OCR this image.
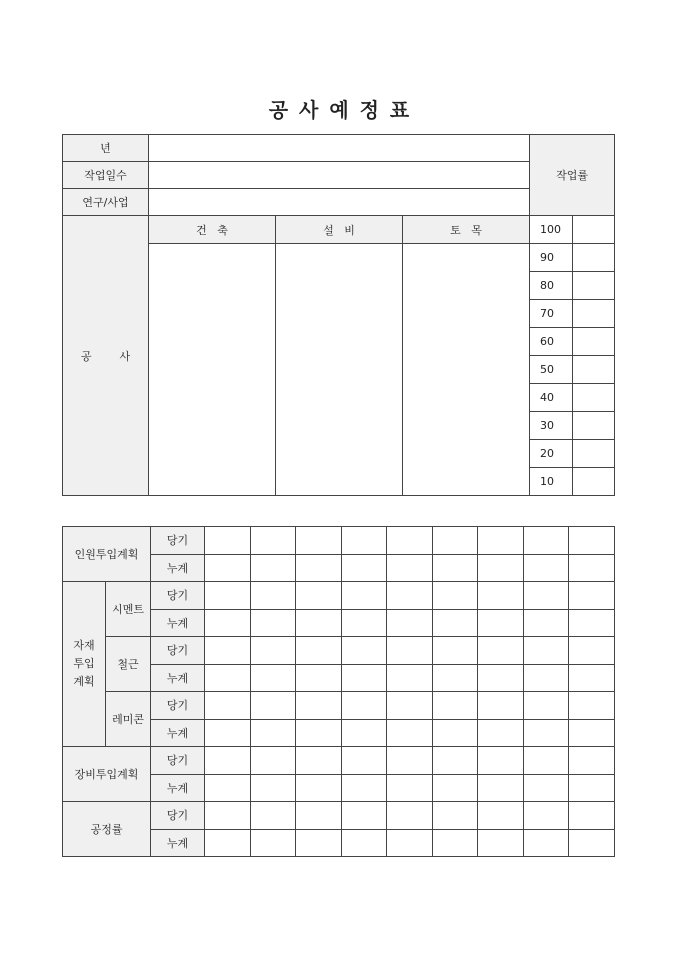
공 사 예 정 표
년				작업률	
작업일수					
연구/사업					
공        사	건   축	설   비	토   목	100	
				90	
				80	
				70	
				60	
				50	
				40	
				30	
				20	
				10	
인원투입계획		당기									
		누계									
자재
투입
계획	시멘트	당기									
		누계									
	철근	당기									
		누계									
	레미콘	당기									
		누계									
장비투입계획		당기									
		누계									
공정률		당기									
		누계									
